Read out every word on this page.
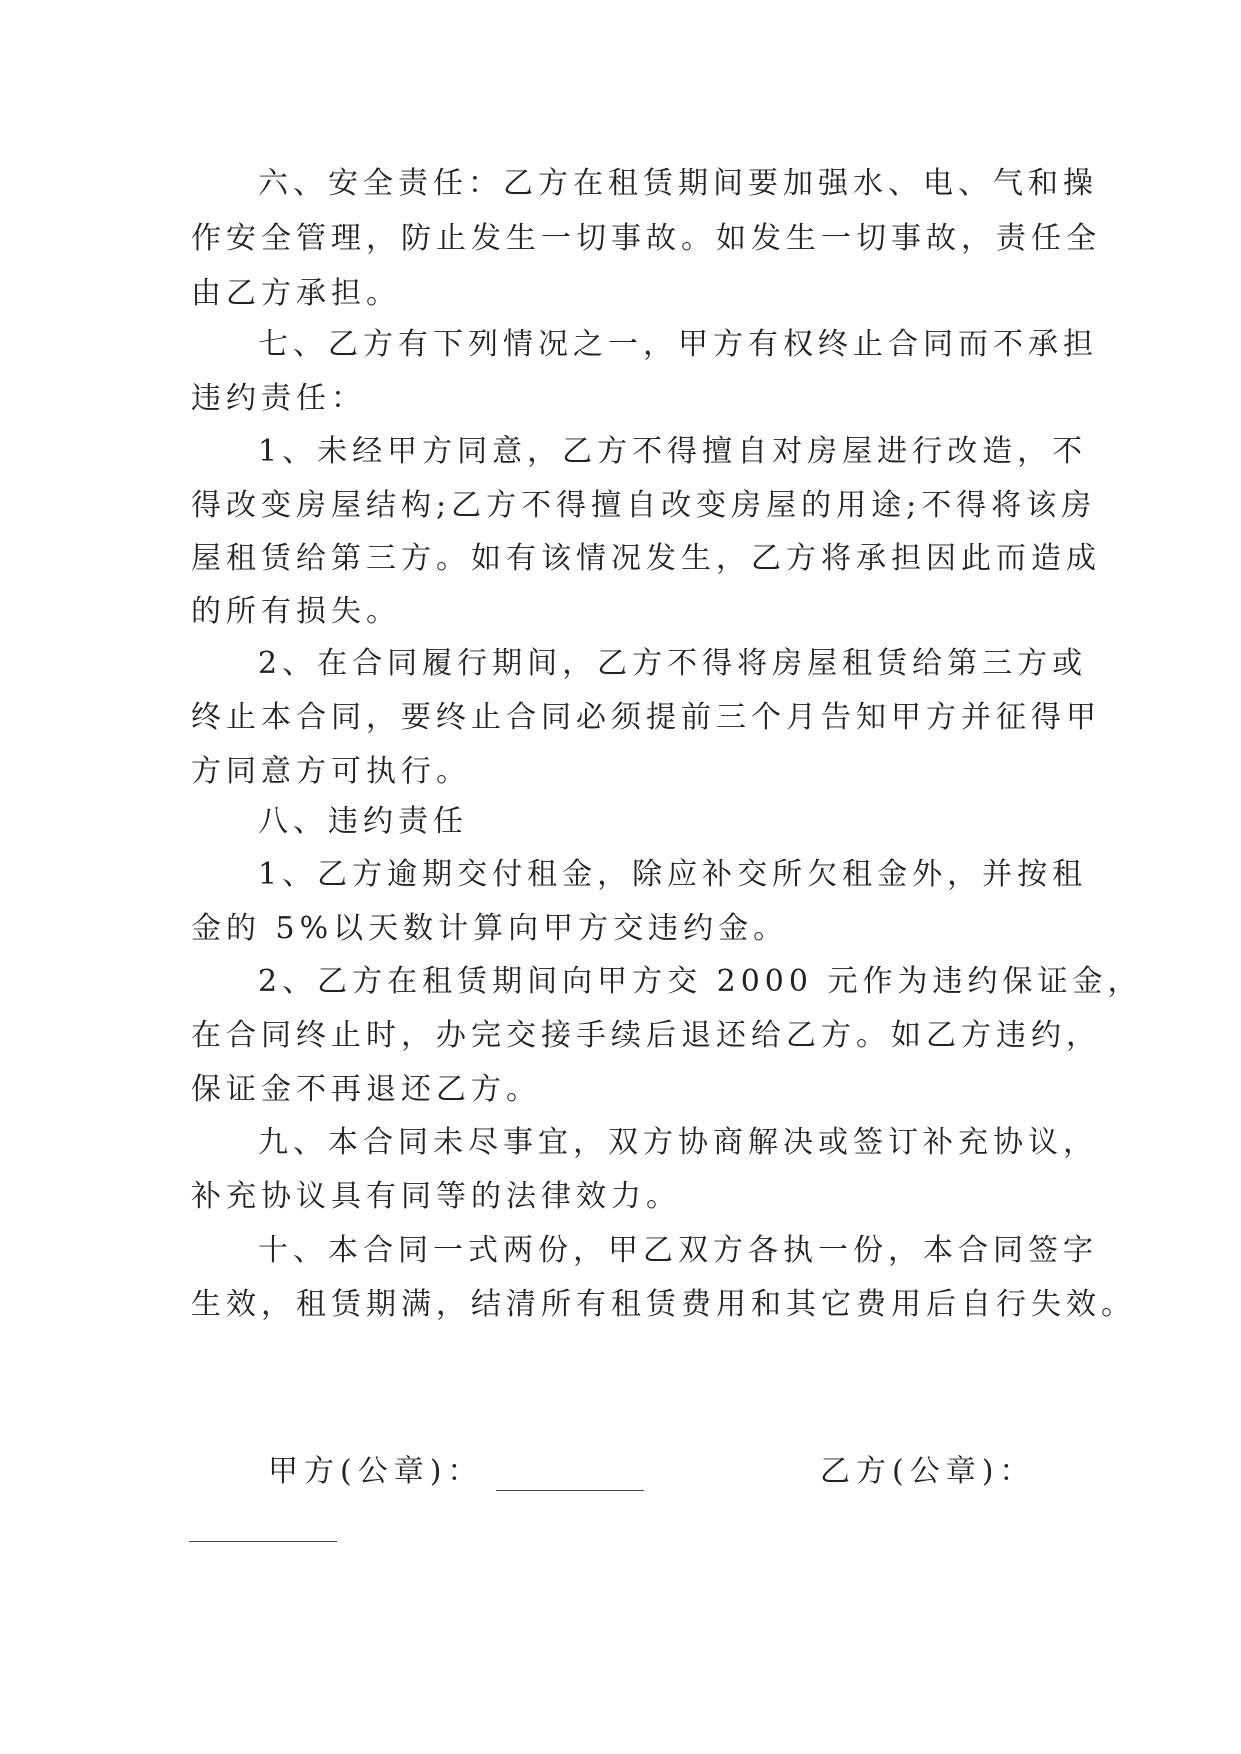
六、安全责任：乙方在租赁期间要加强水、电、气和操
作安全管理，防止发生一切事故。如发生一切事故，责任全
由乙方承担。
七、乙方有下列情况之一，甲方有权终止合同而不承担
违约责任：
1、未经甲方同意，乙方不得擅自对房屋进行改造，不
得改变房屋结构;乙方不得擅自改变房屋的用途;不得将该房
屋租赁给第三方。如有该情况发生，乙方将承担因此而造成
的所有损失。
2、在合同履行期间，乙方不得将房屋租赁给第三方或
终止本合同，要终止合同必须提前三个月告知甲方并征得甲
方同意方可执行。
八、违约责任
1、乙方逾期交付租金，除应补交所欠租金外，并按租
金的 5%以天数计算向甲方交违约金。
2、乙方在租赁期间向甲方交 2000 元作为违约保证金，
在合同终止时，办完交接手续后退还给乙方。如乙方违约，
保证金不再退还乙方。
九、本合同未尽事宜，双方协商解决或签订补充协议，
补充协议具有同等的法律效力。
十、本合同一式两份，甲乙双方各执一份，本合同签字
生效，租赁期满，结清所有租赁费用和其它费用后自行失效。
甲方(公章)：	乙方(公章)：
